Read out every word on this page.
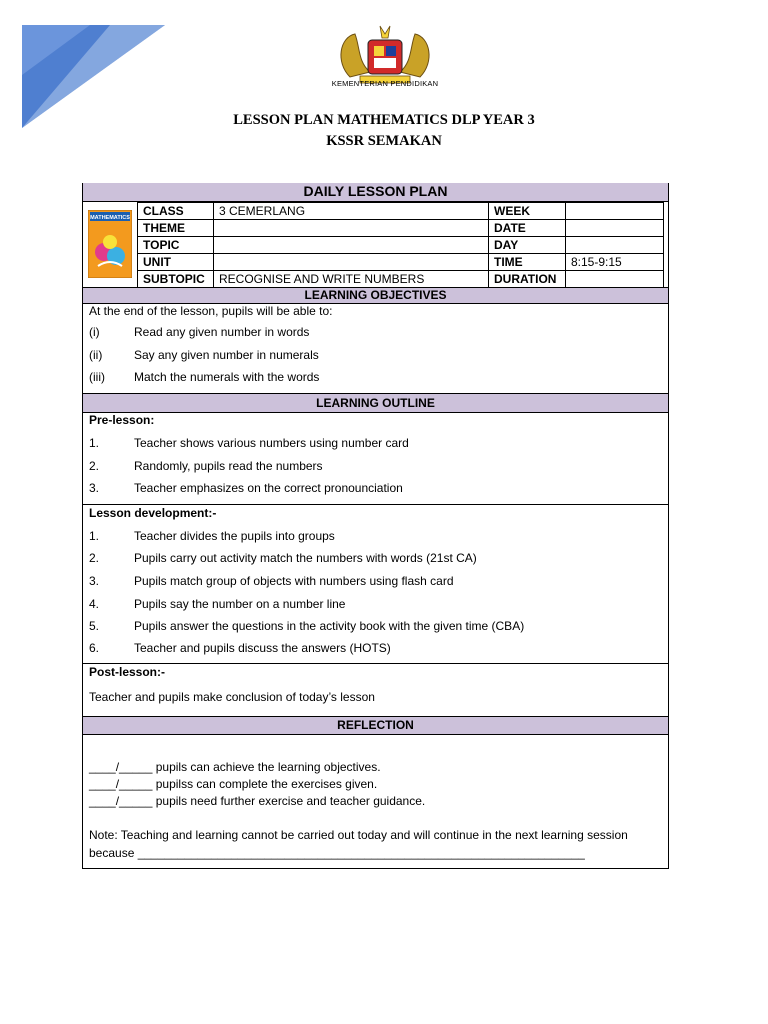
KEMENTERIAN PENDIDIKAN
LESSON PLAN MATHEMATICS DLP YEAR 3
KSSR SEMAKAN
DAILY LESSON PLAN
MATHEMATICS CLASS	3 CEMERLANG	WEEK	
THEME		DATE	
TOPIC		DAY	
UNIT		TIME	8:15-9:15
SUBTOPIC	RECOGNISE AND WRITE NUMBERS	DURATION	
LEARNING OBJECTIVES
At the end of the lesson, pupils will be able to:
(i)	Read any given number in words
(ii)	Say any given number in numerals
(iii) Match the numerals with the words
LEARNING OUTLINE
Pre-lesson:
1.	Teacher shows various numbers using number card
2.	Randomly, pupils read the numbers
3.	Teacher emphasizes on the correct pronounciation
Lesson development:-
1.	Teacher divides the pupils into groups
2.	Pupils carry out activity match the numbers with words (21st CA)
3.	Pupils match group of objects with numbers using flash card
4.	Pupils say the number on a number line
5.	Pupils answer the questions in the activity book with the given time (CBA)
6.	Teacher and pupils discuss the answers (HOTS)
Post-lesson:-
Teacher and pupils make conclusion of today’s lesson
REFLECTION
____/_____ pupils can achieve the learning objectives.
____/_____ pupilss can complete the exercises given.
____/_____ pupils need further exercise and teacher guidance.
Note: Teaching and learning cannot be carried out today and will continue in the next learning session
because ___________________________________________________________________
